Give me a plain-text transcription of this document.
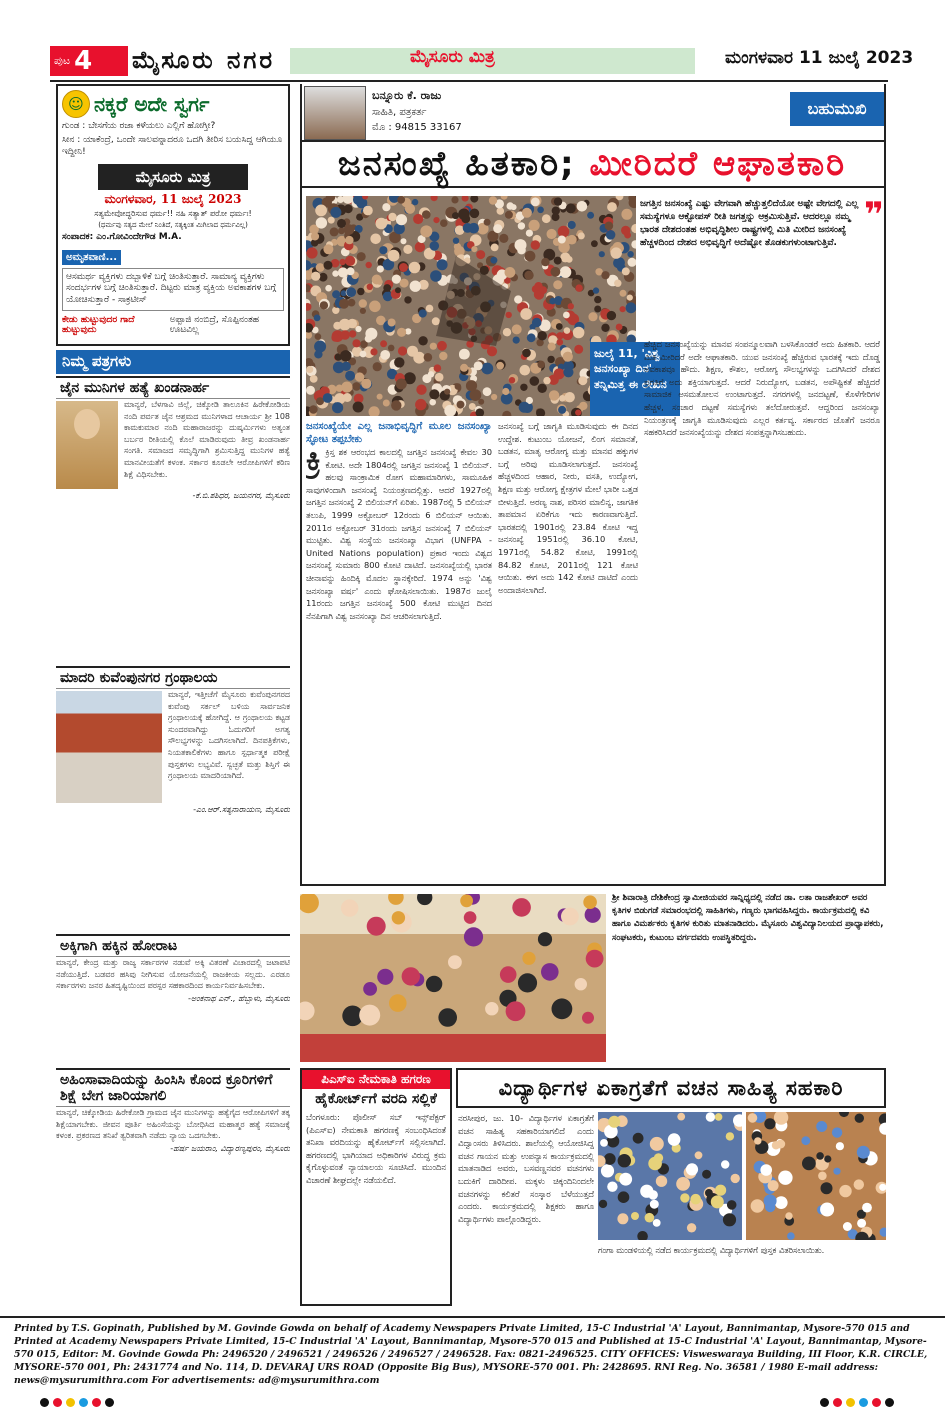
ಪುಟ 4 ಮೈಸೂರು ನಗರ	ಮೈಸೂರು ಮಿತ್ರ	ಮಂಗಳವಾರ 11 ಜುಲೈ 2023
☺ ನಕ್ಕರೆ ಅದೇ ಸ್ವರ್ಗ

ಗುಂಡ : ಬೇಸಗೆಯ ರಜಾ ಕಳೆಯಲು ಎಲ್ಲಿಗೆ ಹೋಗ್ತೀ?

ಸೀನ : ಯಾಕೆಂದ್ರೆ, ಒಂದೇ ಸಾಲವನ್ನಾದರೂ ಒದಗಿ ತೀರಿಸ ಬಯಸಿದ್ದ ಆಗಿಯೂ ಇದ್ದೀನಿ!

ಮೈಸೂರು ಮಿತ್ರ
ಮಂಗಳವಾರ, 11 ಜುಲೈ 2023

ಸತ್ಯಮೇವೋದ್ಧರಿಸುವ ಧರ್ಮ!! ನಹಿ ಸತ್ಯಾತ್ ಪರೋ ಧರ್ಮಃ!

(ಧರ್ಮವು ಸತ್ಯದ ಮೇಲೆ ನಿಂತಿದೆ, ಸತ್ಯಕ್ಕಿಂತ ಮಿಗಿಲಾದ ಧರ್ಮವಿಲ್ಲ)

ಸಂಪಾದಕ: ಎಂ.ಗೋವಿಂದೇಗೌಡ M.A.

ಅಮೃತವಾಣಿ...
ಆಸಮರ್ಥ ವ್ಯಕ್ತಿಗಳು ದಬ್ಬಾಳಿಕೆ ಬಗ್ಗೆ ಚಿಂತಿಸುತ್ತಾರೆ. ಸಾಮಾನ್ಯ ವ್ಯಕ್ತಿಗಳು ಸಂದರ್ಭಗಳ ಬಗ್ಗೆ ಚಿಂತಿಸುತ್ತಾರೆ. ದಿಟ್ಟರು ಮಾತ್ರ ವ್ಯಕ್ತಿಯ ಅವಕಾಶಗಳ ಬಗ್ಗೆ ಯೋಚಿಸುತ್ತಾರೆ - ಸಾಕ್ರಟೀಸ್
ಕೇಡು ಹುಟ್ಟುವುದರ ಗಾದೆ ಹುಟ್ಟುವುದು
ಅಪ್ಪಾಜಿ ನಂಬಿದ್ರೆ, ಸೊಪ್ಪಿನಂತಹ ಊಟವಿಲ್ಲ
ನಿಮ್ಮ ಪತ್ರಗಳು
ಜೈನ ಮುನಿಗಳ ಹತ್ಯೆ ಖಂಡನಾರ್ಹ
ಮಾನ್ಯರೆ, ಬೆಳಗಾವಿ ಜಿಲ್ಲೆ, ಚಿಕ್ಕೋಡಿ ತಾಲೂಕಿನ ಹಿರೇಕೋಡಿಯ ನಂದಿ ಪರ್ವತ ಜೈನ ಆಶ್ರಮದ ಮುನಿಗಳಾದ ಆಚಾರ್ಯ ಶ್ರೀ 108 ಕಾಮಕುಮಾರ ನಂದಿ ಮಹಾರಾಜರನ್ನು ದುಷ್ಕರ್ಮಿಗಳು ಅತ್ಯಂತ ಬರ್ಬರ ರೀತಿಯಲ್ಲಿ ಕೊಲೆ ಮಾಡಿರುವುದು ತೀವ್ರ ಖಂಡನಾರ್ಹ ಸಂಗತಿ. ಸಮಾಜದ ಸಮೃದ್ಧಿಗಾಗಿ ಶ್ರಮಿಸುತ್ತಿದ್ದ ಮುನಿಗಳ ಹತ್ಯೆ ಮಾನವೀಯತೆಗೆ ಕಳಂಕ. ಸರ್ಕಾರ ಕೂಡಲೇ ಆರೋಪಿಗಳಿಗೆ ಕಠಿಣ ಶಿಕ್ಷೆ ವಿಧಿಸಬೇಕು.
-ಕೆ.ಬಿ.ಶಶಿಧರ, ಜಯನಗರ, ಮೈಸೂರು
ಮಾದರಿ ಕುವೆಂಪುನಗರ ಗ್ರಂಥಾಲಯ
ಮಾನ್ಯರೆ, ಇತ್ತೀಚೆಗೆ ಮೈಸೂರು ಕುವೆಂಪುನಗರದ ಕುವೆಂಪು ಸರ್ಕಲ್ ಬಳಿಯ ಸಾರ್ವಜನಿಕ ಗ್ರಂಥಾಲಯಕ್ಕೆ ಹೋಗಿದ್ದೆ. ಆ ಗ್ರಂಥಾಲಯ ಕಟ್ಟಡ ಸುಂದರವಾಗಿದ್ದು ಓದುಗರಿಗೆ ಅಗತ್ಯ ಸೌಲಭ್ಯಗಳನ್ನು ಒದಗಿಸಲಾಗಿದೆ. ದಿನಪತ್ರಿಕೆಗಳು, ನಿಯತಕಾಲಿಕೆಗಳು ಹಾಗೂ ಸ್ಪರ್ಧಾತ್ಮಕ ಪರೀಕ್ಷೆ ಪುಸ್ತಕಗಳು ಲಭ್ಯವಿವೆ. ಸ್ವಚ್ಛತೆ ಮತ್ತು ಶಿಸ್ತಿಗೆ ಈ ಗ್ರಂಥಾಲಯ ಮಾದರಿಯಾಗಿದೆ.
-ಎಂ.ಆರ್.ಸತ್ಯನಾರಾಯಣ, ಮೈಸೂರು
ಅಕ್ಕಿಗಾಗಿ ಹಕ್ಕಿನ ಹೋರಾಟ
ಮಾನ್ಯರೆ, ಕೇಂದ್ರ ಮತ್ತು ರಾಜ್ಯ ಸರ್ಕಾರಗಳ ನಡುವೆ ಅಕ್ಕಿ ವಿತರಣೆ ವಿಚಾರದಲ್ಲಿ ಜಟಾಪಟಿ ನಡೆಯುತ್ತಿದೆ. ಬಡವರ ಹಸಿವು ನೀಗಿಸುವ ಯೋಜನೆಯಲ್ಲಿ ರಾಜಕೀಯ ಸಲ್ಲದು. ಎರಡೂ ಸರ್ಕಾರಗಳು ಜನರ ಹಿತದೃಷ್ಟಿಯಿಂದ ಪರಸ್ಪರ ಸಹಕಾರದಿಂದ ಕಾರ್ಯನಿರ್ವಹಿಸಬೇಕು.
-ಅಂಕನಾಥ ಎನ್., ಹೆಬ್ಬಾಳು, ಮೈಸೂರು
ಅಹಿಂಸಾವಾದಿಯನ್ನು ಹಿಂಸಿಸಿ ಕೊಂದ ಕ್ರೂರಿಗಳಿಗೆ ಶಿಕ್ಷೆ ಬೇಗ ಜಾರಿಯಾಗಲಿ
ಮಾನ್ಯರೆ, ಚಿಕ್ಕೋಡಿಯ ಹಿರೇಕೋಡಿ ಗ್ರಾಮದ ಜೈನ ಮುನಿಗಳನ್ನು ಹತ್ಯೆಗೈದ ಆರೋಪಿಗಳಿಗೆ ತಕ್ಕ ಶಿಕ್ಷೆಯಾಗಬೇಕು. ಜೀವನ ಪೂರ್ತಿ ಅಹಿಂಸೆಯನ್ನು ಬೋಧಿಸಿದ ಮಹಾತ್ಮರ ಹತ್ಯೆ ಸಮಾಜಕ್ಕೆ ಕಳಂಕ. ಪ್ರಕರಣದ ತನಿಖೆ ತ್ವರಿತವಾಗಿ ನಡೆದು ನ್ಯಾಯ ಒದಗಬೇಕು.
-ಹರ್ಷ ಜಯರಾಂ, ವಿದ್ಯಾರಣ್ಯಪುರಂ, ಮೈಸೂರು
ಬನ್ನೂರು ಕೆ. ರಾಜು
ಸಾಹಿತಿ, ಪತ್ರಕರ್ತ
ಮೊ : 94815 33167
ಬಹುಮುಖಿ
ಜನಸಂಖ್ಯೆ ಹಿತಕಾರಿ;
ಮೀರಿದರೆ ಆಘಾತಕಾರಿ
ಜುಲೈ 11, 'ವಿಶ್ವ ಜನಸಂಖ್ಯಾ ದಿನ' ತನ್ನಿಮಿತ್ತ ಈ ಲೇಖನ
❞
ಜಗತ್ತಿನ ಜನಸಂಖ್ಯೆ ಎಷ್ಟು ವೇಗವಾಗಿ ಹೆಚ್ಚುತ್ತಲಿದೆಯೋ ಅಷ್ಟೇ ವೇಗದಲ್ಲಿ ಎಲ್ಲ ಸಮಸ್ಯೆಗಳೂ ಆಕ್ಟೋಪಸ್ ರೀತಿ ಜಗತ್ತನ್ನು ಆಕ್ರಮಿಸುತ್ತಿವೆ. ಆದರಲ್ಲೂ ನಮ್ಮ ಭಾರತ ದೇಶದಂತಹ ಅಭಿವೃದ್ಧಿಶೀಲ ರಾಷ್ಟ್ರಗಳಲ್ಲಿ ಮಿತಿ ಮೀರಿದ ಜನಸಂಖ್ಯೆ ಹೆಚ್ಚಳದಿಂದ ದೇಶದ ಅಭಿವೃದ್ಧಿಗೆ ಅದೆಷ್ಟೋ ತೊಡಕುಗಳುಂಟಾಗುತ್ತಿವೆ.
ಜನಸಂಖ್ಯೆಯೇ ಎಲ್ಲ ಜನಾಭಿವೃದ್ಧಿಗೆ ಮೂಲ ಜನಸಂಖ್ಯಾ ಸ್ಫೋಟ ತಪ್ಪಬೇಕು
ಕ್ರಿ ಕ್ರಿಸ್ತ ಶಕ ಆರಂಭದ ಕಾಲದಲ್ಲಿ ಜಗತ್ತಿನ ಜನಸಂಖ್ಯೆ ಕೇವಲ 30 ಕೋಟಿ. ಅದೇ 1804ರಲ್ಲಿ ಜಗತ್ತಿನ ಜನಸಂಖ್ಯೆ 1 ಬಿಲಿಯನ್. ಹಲವು ಸಾಂಕ್ರಾಮಿಕ ರೋಗ ಮಹಾಮಾರಿಗಳು, ಸಾಮೂಹಿಕ ಸಾವುಗಳಿಂದಾಗಿ ಜನಸಂಖ್ಯೆ ನಿಯಂತ್ರಣದಲ್ಲಿತ್ತು. ಆದರೆ 1927ರಲ್ಲಿ ಜಗತ್ತಿನ ಜನಸಂಖ್ಯೆ 2 ಬಿಲಿಯನ್‌ಗೆ ಏರಿತು. 1987ರಲ್ಲಿ 5 ಬಿಲಿಯನ್ ತಲುಪಿ, 1999 ಅಕ್ಟೋಬರ್ 12ರಂದು 6 ಬಿಲಿಯನ್ ಆಯಿತು. 2011ರ ಅಕ್ಟೋಬರ್ 31ರಂದು ಜಗತ್ತಿನ ಜನಸಂಖ್ಯೆ 7 ಬಿಲಿಯನ್ ಮುಟ್ಟಿತು. ವಿಶ್ವ ಸಂಸ್ಥೆಯ ಜನಸಂಖ್ಯಾ ವಿಭಾಗ (UNFPA - United Nations population) ಪ್ರಕಾರ ಇಂದು ವಿಶ್ವದ ಜನಸಂಖ್ಯೆ ಸುಮಾರು 800 ಕೋಟಿ ದಾಟಿದೆ. ಜನಸಂಖ್ಯೆಯಲ್ಲಿ ಭಾರತ ಚೀನಾವನ್ನು ಹಿಂದಿಕ್ಕಿ ಮೊದಲ ಸ್ಥಾನಕ್ಕೇರಿದೆ. 1974 ಅನ್ನು 'ವಿಶ್ವ ಜನಸಂಖ್ಯಾ ವರ್ಷ' ಎಂದು ಘೋಷಿಸಲಾಯಿತು. 1987ರ ಜುಲೈ 11ರಂದು ಜಗತ್ತಿನ ಜನಸಂಖ್ಯೆ 500 ಕೋಟಿ ಮುಟ್ಟಿದ ದಿನದ ನೆನಪಿಗಾಗಿ ವಿಶ್ವ ಜನಸಂಖ್ಯಾ ದಿನ ಆಚರಿಸಲಾಗುತ್ತಿದೆ.
ಜನಸಂಖ್ಯೆ ಬಗ್ಗೆ ಜಾಗೃತಿ ಮೂಡಿಸುವುದು ಈ ದಿನದ ಉದ್ದೇಶ. ಕುಟುಂಬ ಯೋಜನೆ, ಲಿಂಗ ಸಮಾನತೆ, ಬಡತನ, ಮಾತೃ ಆರೋಗ್ಯ ಮತ್ತು ಮಾನವ ಹಕ್ಕುಗಳ ಬಗ್ಗೆ ಅರಿವು ಮೂಡಿಸಲಾಗುತ್ತದೆ. ಜನಸಂಖ್ಯೆ ಹೆಚ್ಚಳದಿಂದ ಆಹಾರ, ನೀರು, ವಸತಿ, ಉದ್ಯೋಗ, ಶಿಕ್ಷಣ ಮತ್ತು ಆರೋಗ್ಯ ಕ್ಷೇತ್ರಗಳ ಮೇಲೆ ಭಾರೀ ಒತ್ತಡ ಬೀಳುತ್ತಿದೆ. ಅರಣ್ಯ ನಾಶ, ಪರಿಸರ ಮಾಲಿನ್ಯ, ಜಾಗತಿಕ ತಾಪಮಾನ ಏರಿಕೆಗೂ ಇದು ಕಾರಣವಾಗುತ್ತಿದೆ. ಭಾರತದಲ್ಲಿ 1901ರಲ್ಲಿ 23.84 ಕೋಟಿ ಇದ್ದ ಜನಸಂಖ್ಯೆ 1951ರಲ್ಲಿ 36.10 ಕೋಟಿ, 1971ರಲ್ಲಿ 54.82 ಕೋಟಿ, 1991ರಲ್ಲಿ 84.82 ಕೋಟಿ, 2011ರಲ್ಲಿ 121 ಕೋಟಿ ಆಯಿತು. ಈಗ ಅದು 142 ಕೋಟಿ ದಾಟಿದೆ ಎಂದು ಅಂದಾಜಿಸಲಾಗಿದೆ.
ಹೆಚ್ಚಿದ ಜನಸಂಖ್ಯೆಯನ್ನು ಮಾನವ ಸಂಪನ್ಮೂಲವಾಗಿ ಬಳಸಿಕೊಂಡರೆ ಅದು ಹಿತಕಾರಿ. ಆದರೆ ಮಿತಿ ಮೀರಿದರೆ ಅದೇ ಆಘಾತಕಾರಿ. ಯುವ ಜನಸಂಖ್ಯೆ ಹೆಚ್ಚಿರುವ ಭಾರತಕ್ಕೆ ಇದು ದೊಡ್ಡ ಅವಕಾಶವೂ ಹೌದು. ಶಿಕ್ಷಣ, ಕೌಶಲ, ಆರೋಗ್ಯ ಸೌಲಭ್ಯಗಳನ್ನು ಒದಗಿಸಿದರೆ ದೇಶದ ಪ್ರಗತಿಗೆ ಅದು ಶಕ್ತಿಯಾಗುತ್ತದೆ. ಆದರೆ ನಿರುದ್ಯೋಗ, ಬಡತನ, ಅಪೌಷ್ಟಿಕತೆ ಹೆಚ್ಚಿದರೆ ಸಾಮಾಜಿಕ ಅಸಮತೋಲನ ಉಂಟಾಗುತ್ತದೆ. ನಗರಗಳಲ್ಲಿ ಜನದಟ್ಟಣೆ, ಕೊಳೆಗೇರಿಗಳ ಹೆಚ್ಚಳ, ಸಂಚಾರ ದಟ್ಟಣೆ ಸಮಸ್ಯೆಗಳು ತಲೆದೋರುತ್ತವೆ. ಆದ್ದರಿಂದ ಜನಸಂಖ್ಯಾ ನಿಯಂತ್ರಣಕ್ಕೆ ಜಾಗೃತಿ ಮೂಡಿಸುವುದು ಎಲ್ಲರ ಕರ್ತವ್ಯ. ಸರ್ಕಾರದ ಜೊತೆಗೆ ಜನರೂ ಸಹಕರಿಸಿದರೆ ಜನಸಂಖ್ಯೆಯನ್ನು ದೇಶದ ಸಂಪತ್ತನ್ನಾಗಿಸಬಹುದು.
ಶ್ರೀ ಶಿವಾರಾತ್ರಿ ದೇಶಿಕೇಂದ್ರ ಸ್ವಾಮೀಜಿಯವರ ಸಾನ್ನಿಧ್ಯದಲ್ಲಿ ನಡೆದ ಡಾ. ಲತಾ ರಾಜಶೇಖರ್ ಅವರ ಕೃತಿಗಳ ಬಿಡುಗಡೆ ಸಮಾರಂಭದಲ್ಲಿ ಸಾಹಿತಿಗಳು, ಗಣ್ಯರು ಭಾಗವಹಿಸಿದ್ದರು. ಕಾರ್ಯಕ್ರಮದಲ್ಲಿ ಕವಿ ಹಾಗೂ ವಿಮರ್ಶಕರು ಕೃತಿಗಳ ಕುರಿತು ಮಾತನಾಡಿದರು. ಮೈಸೂರು ವಿಶ್ವವಿದ್ಯಾನಿಲಯದ ಪ್ರಾಧ್ಯಾಪಕರು, ಸಂಘಟಕರು, ಕುಟುಂಬ ವರ್ಗದವರು ಉಪಸ್ಥಿತರಿದ್ದರು.
ಪಿಎಸ್‌ಐ ನೇಮಕಾತಿ ಹಗರಣ
ಹೈಕೋರ್ಟ್‌ಗೆ ವರದಿ ಸಲ್ಲಿಕೆ
ಬೆಂಗಳೂರು: ಪೊಲೀಸ್ ಸಬ್ ಇನ್ಸ್‌ಪೆಕ್ಟರ್ (ಪಿಎಸ್‌ಐ) ನೇಮಕಾತಿ ಹಗರಣಕ್ಕೆ ಸಂಬಂಧಿಸಿದಂತೆ ತನಿಖಾ ವರದಿಯನ್ನು ಹೈಕೋರ್ಟ್‌ಗೆ ಸಲ್ಲಿಸಲಾಗಿದೆ. ಹಗರಣದಲ್ಲಿ ಭಾಗಿಯಾದ ಅಧಿಕಾರಿಗಳ ವಿರುದ್ಧ ಕ್ರಮ ಕೈಗೊಳ್ಳುವಂತೆ ನ್ಯಾಯಾಲಯ ಸೂಚಿಸಿದೆ. ಮುಂದಿನ ವಿಚಾರಣೆ ಶೀಘ್ರದಲ್ಲೇ ನಡೆಯಲಿದೆ.
ವಿದ್ಯಾರ್ಥಿಗಳ ಏಕಾಗ್ರತೆಗೆ ವಚನ ಸಾಹಿತ್ಯ ಸಹಕಾರಿ
ನರಸೀಪುರ, ಜು. 10- ವಿದ್ಯಾರ್ಥಿಗಳ ಏಕಾಗ್ರತೆಗೆ ವಚನ ಸಾಹಿತ್ಯ ಸಹಕಾರಿಯಾಗಲಿದೆ ಎಂದು ವಿದ್ವಾಂಸರು ತಿಳಿಸಿದರು. ಶಾಲೆಯಲ್ಲಿ ಆಯೋಜಿಸಿದ್ದ ವಚನ ಗಾಯನ ಮತ್ತು ಉಪನ್ಯಾಸ ಕಾರ್ಯಕ್ರಮದಲ್ಲಿ ಮಾತನಾಡಿದ ಅವರು, ಬಸವಣ್ಣನವರ ವಚನಗಳು ಬದುಕಿಗೆ ದಾರಿದೀಪ. ಮಕ್ಕಳು ಚಿಕ್ಕಂದಿನಿಂದಲೇ ವಚನಗಳನ್ನು ಕಲಿತರೆ ಸಂಸ್ಕಾರ ಬೆಳೆಯುತ್ತದೆ ಎಂದರು. ಕಾರ್ಯಕ್ರಮದಲ್ಲಿ ಶಿಕ್ಷಕರು ಹಾಗೂ ವಿದ್ಯಾರ್ಥಿಗಳು ಪಾಲ್ಗೊಂಡಿದ್ದರು.
ಗಂಗಾ ಮಂಡಳಿಯಲ್ಲಿ ನಡೆದ ಕಾರ್ಯಕ್ರಮದಲ್ಲಿ ವಿದ್ಯಾರ್ಥಿಗಳಿಗೆ ಪುಸ್ತಕ ವಿತರಿಸಲಾಯಿತು.
Printed by T.S. Gopinath, Published by M. Govinde Gowda on behalf of Academy Newspapers Private Limited, 15-C Industrial 'A' Layout, Bannimantap, Mysore-570 015 and Printed at Academy Newspapers Private Limited, 15-C Industrial 'A' Layout, Bannimantap, Mysore-570 015 and Published at 15-C Industrial 'A' Layout, Bannimantap, Mysore-570 015, Editor: M. Govinde Gowda Ph: 2496520 / 2496521 / 2496526 / 2496527 / 2496528. Fax: 0821-2496525. CITY OFFICES: Visweswaraya Building, III Floor, K.R. CIRCLE, MYSORE-570 001, Ph: 2431774 and No. 114, D. DEVARAJ URS ROAD (Opposite Big Bus), MYSORE-570 001. Ph: 2428695. RNI Reg. No. 36581 / 1980 E-mail address: news@mysurumithra.com For advertisements: ad@mysurumithra.com
